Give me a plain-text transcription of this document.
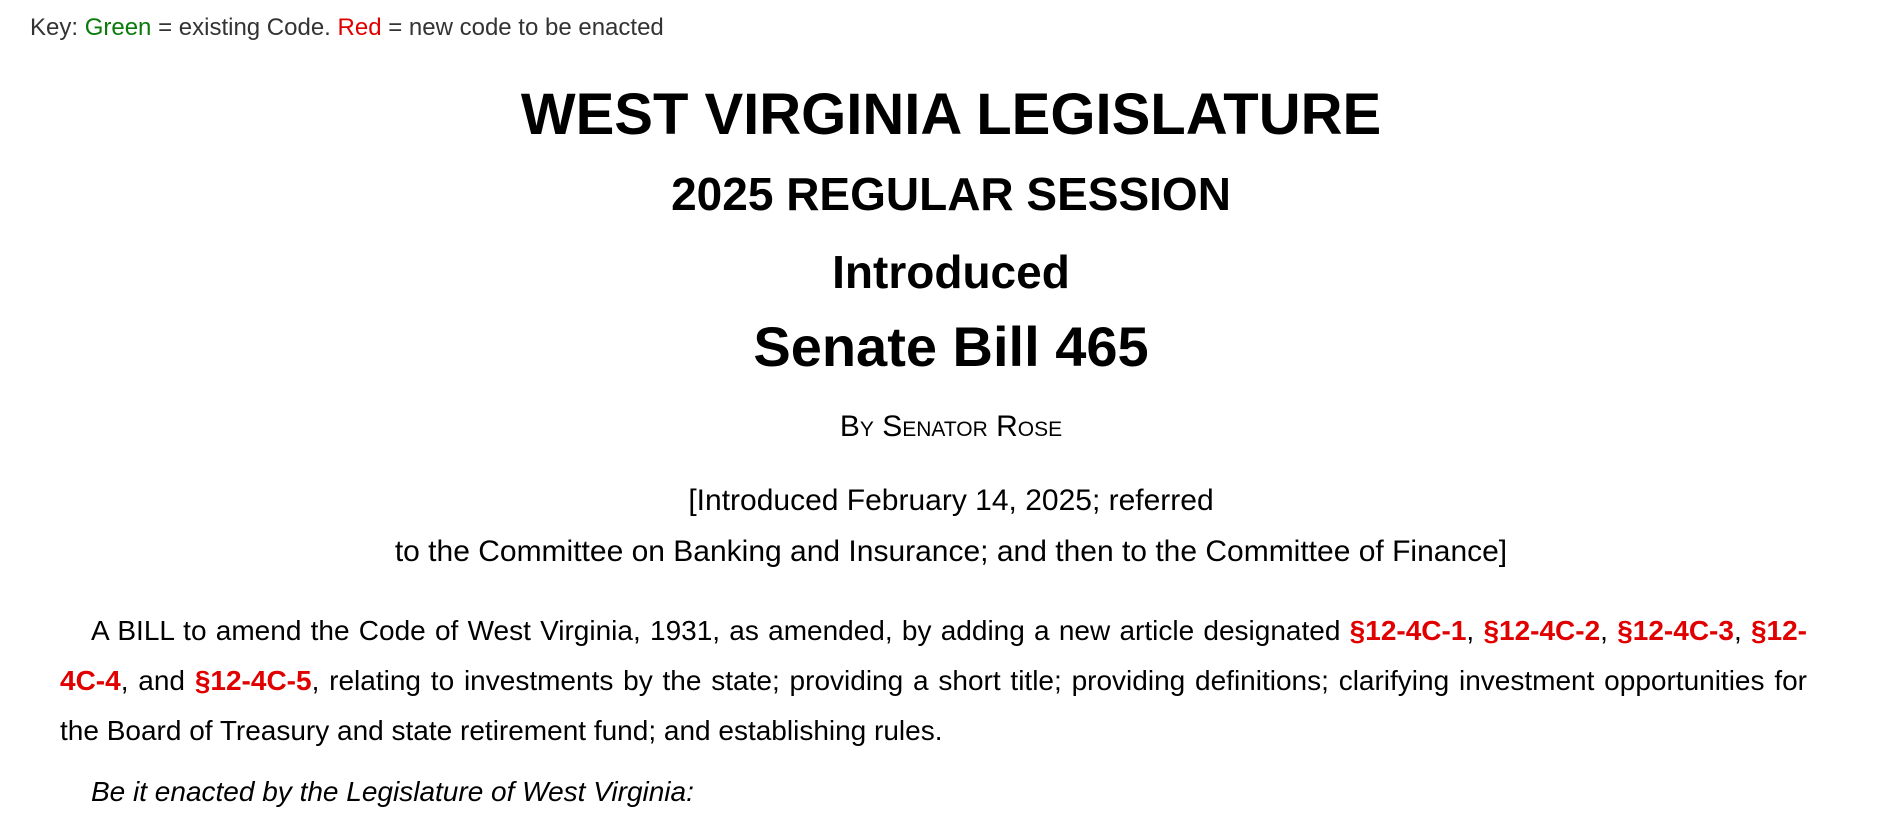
Key: Green = existing Code. Red = new code to be enacted
WEST VIRGINIA LEGISLATURE
2025 REGULAR SESSION
Introduced
Senate Bill 465
By Senator Rose
[Introduced February 14, 2025; referred
to the Committee on Banking and Insurance; and then to the Committee of Finance]
A BILL to amend the Code of West Virginia, 1931, as amended, by adding a new article designated §12-4C-1, §12-4C-2, §12-4C-3, §12-4C-4, and §12-4C-5, relating to investments by the state; providing a short title; providing definitions; clarifying investment opportunities for the Board of Treasury and state retirement fund; and establishing rules.
Be it enacted by the Legislature of West Virginia:
